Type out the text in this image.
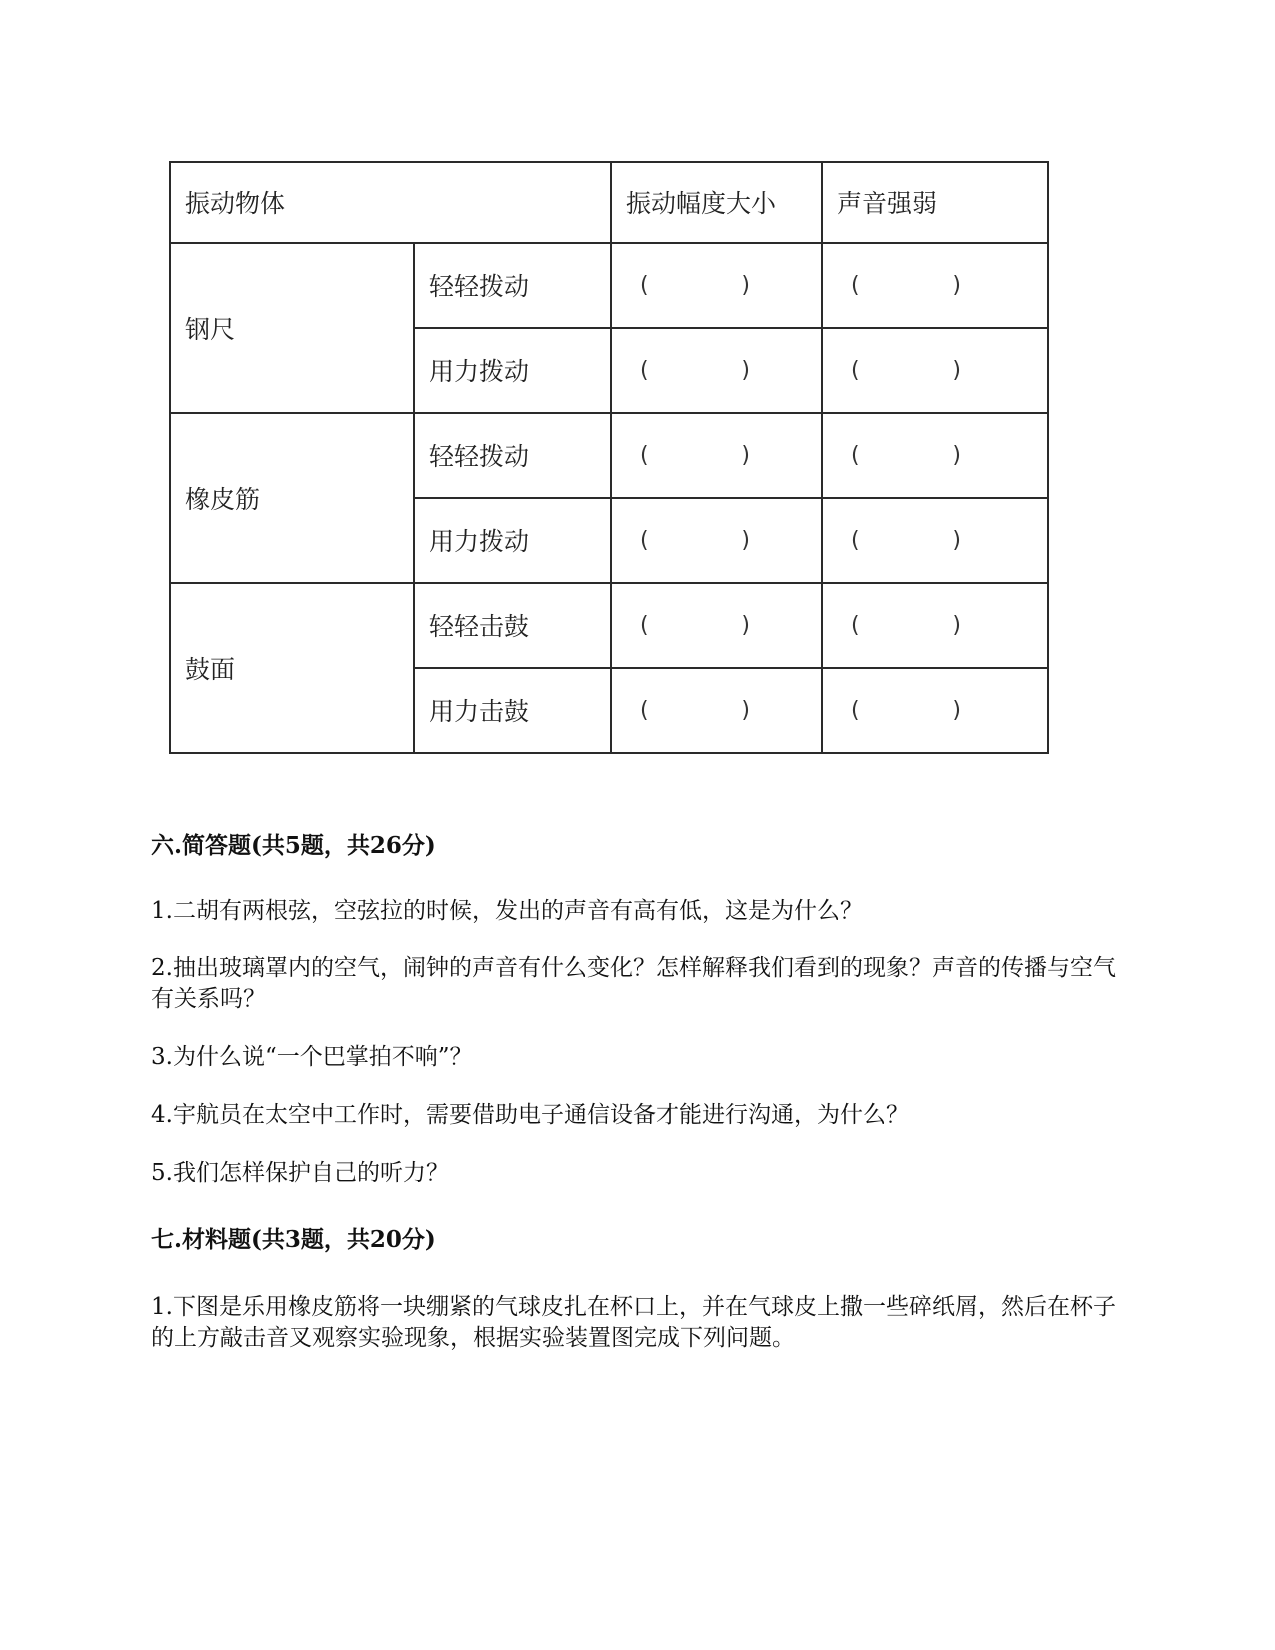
振动物体		振动幅度大小	声音强弱
钢尺	轻轻拨动	( )	( )

	用力拨动	( )	( )

橡皮筋	轻轻拨动	( )	( )

	用力拨动	( )	( )

鼓面	轻轻击鼓	( )	( )

	用力击鼓	( )	( )
六.简答题(共5题，共26分)
1.二胡有两根弦，空弦拉的时候，发出的声音有高有低，这是为什么？
2.抽出玻璃罩内的空气，闹钟的声音有什么变化？怎样解释我们看到的现象？声音的传播与空气有关系吗？
3.为什么说“一个巴掌拍不响”？
4.宇航员在太空中工作时，需要借助电子通信设备才能进行沟通，为什么？
5.我们怎样保护自己的听力？
七.材料题(共3题，共20分)
1.下图是乐用橡皮筋将一块绷紧的气球皮扎在杯口上，并在气球皮上撒一些碎纸屑，然后在杯子的上方敲击音叉观察实验现象，根据实验装置图完成下列问题。
